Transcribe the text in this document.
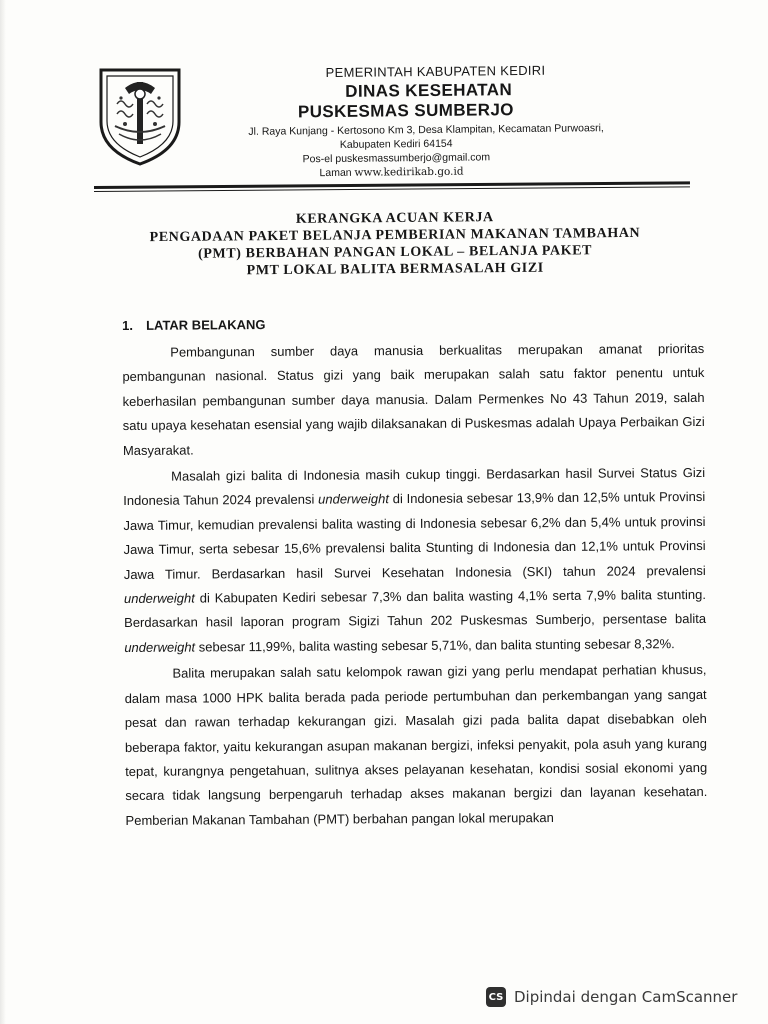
PEMERINTAH KABUPATEN KEDIRI
DINAS KESEHATAN
PUSKESMAS SUMBERJO
Jl. Raya Kunjang - Kertosono Km 3, Desa Klampitan, Kecamatan Purwoasri,
Kabupaten Kediri 64154
Pos-el puskesmassumberjo@gmail.com
Laman www.kedirikab.go.id
KERANGKA ACUAN KERJA
PENGADAAN PAKET BELANJA PEMBERIAN MAKANAN TAMBAHAN
(PMT) BERBAHAN PANGAN LOKAL – BELANJA PAKET
PMT LOKAL BALITA BERMASALAH GIZI
1. LATAR BELAKANG

Pembangunan sumber daya manusia berkualitas merupakan amanat prioritas pembangunan nasional. Status gizi yang baik merupakan salah satu faktor penentu untuk keberhasilan pembangunan sumber daya manusia. Dalam Permenkes No 43 Tahun 2019, salah satu upaya kesehatan esensial yang wajib dilaksanakan di Puskesmas adalah Upaya Perbaikan Gizi Masyarakat.

Masalah gizi balita di Indonesia masih cukup tinggi. Berdasarkan hasil Survei Status Gizi Indonesia Tahun 2024 prevalensi underweight di Indonesia sebesar 13,9% dan 12,5% untuk Provinsi Jawa Timur, kemudian prevalensi balita wasting di Indonesia sebesar 6,2% dan 5,4% untuk provinsi Jawa Timur, serta sebesar 15,6% prevalensi balita Stunting di Indonesia dan 12,1% untuk Provinsi Jawa Timur. Berdasarkan hasil Survei Kesehatan Indonesia (SKI) tahun 2024 prevalensi underweight di Kabupaten Kediri sebesar 7,3% dan balita wasting 4,1% serta 7,9% balita stunting. Berdasarkan hasil laporan program Sigizi Tahun 202 Puskesmas Sumberjo, persentase balita underweight sebesar 11,99%, balita wasting sebesar 5,71%, dan balita stunting sebesar 8,32%.

Balita merupakan salah satu kelompok rawan gizi yang perlu mendapat perhatian khusus, dalam masa 1000 HPK balita berada pada periode pertumbuhan dan perkembangan yang sangat pesat dan rawan terhadap kekurangan gizi. Masalah gizi pada balita dapat disebabkan oleh beberapa faktor, yaitu kekurangan asupan makanan bergizi, infeksi penyakit, pola asuh yang kurang tepat, kurangnya pengetahuan, sulitnya akses pelayanan kesehatan, kondisi sosial ekonomi yang secara tidak langsung berpengaruh terhadap akses makanan bergizi dan layanan kesehatan. Pemberian Makanan Tambahan (PMT) berbahan pangan lokal merupakan

CS Dipindai dengan CamScanner
